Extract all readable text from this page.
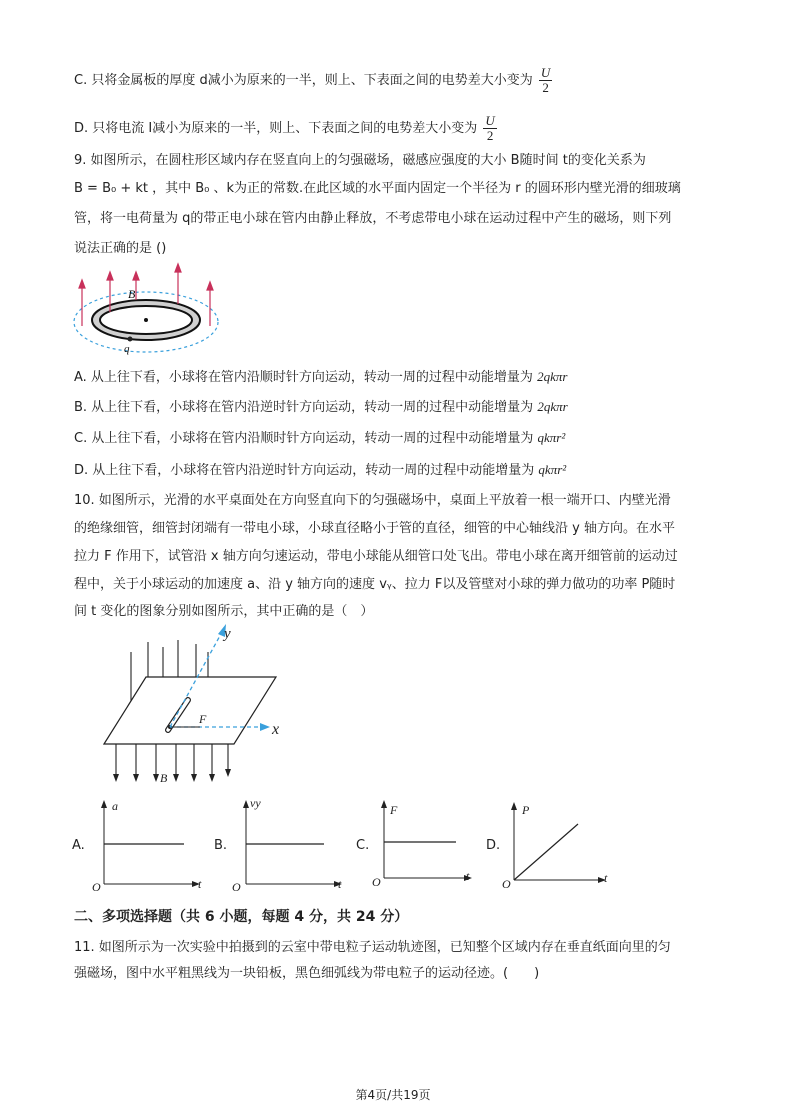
C. 只将金属板的厚度 d减小为原来的一半，则上、下表面之间的电势差大小变为 $\frac{U}{2}$
D. 只将电流 I减小为原来的一半，则上、下表面之间的电势差大小变为 $\frac{U}{2}$
9. 如图所示，在圆柱形区域内存在竖直向上的匀强磁场，磁感应强度的大小 B随时间 t的变化关系为
B = B₀ + kt ，其中 B₀ 、k为正的常数.在此区域的水平面内固定一个半径为 r 的圆环形内壁光滑的细玻璃
管，将一电荷量为 q的带正电小球在管内由静止释放，不考虑带电小球在运动过程中产生的磁场，则下列
说法正确的是 ()
B
q
A. 从上往下看，小球将在管内沿顺时针方向运动，转动一周的过程中动能增量为 2qkπr
B. 从上往下看，小球将在管内沿逆时针方向运动，转动一周的过程中动能增量为 2qkπr
C. 从上往下看，小球将在管内沿顺时针方向运动，转动一周的过程中动能增量为 qkπr²
D. 从上往下看，小球将在管内沿逆时针方向运动，转动一周的过程中动能增量为 qkπr²
10. 如图所示，光滑的水平桌面处在方向竖直向下的匀强磁场中，桌面上平放着一根一端开口、内壁光滑
的绝缘细管，细管封闭端有一带电小球，小球直径略小于管的直径，细管的中心轴线沿 y 轴方向。在水平
拉力 F 作用下，试管沿 x 轴方向匀速运动，带电小球能从细管口处飞出。带电小球在离开细管前的运动过
程中，关于小球运动的加速度 a、沿 y 轴方向的速度 vᵧ、拉力 F以及管壁对小球的弹力做功的功率 P随时
间 t 变化的图象分别如图所示，其中正确的是（　）
y
x
F
B
A.
a
O	t
B.
vy
O	t
C.
F
O	t
D.
P
O	t
二、多项选择题（共 6 小题，每题 4 分，共 24 分）
11. 如图所示为一次实验中拍摄到的云室中带电粒子运动轨迹图，已知整个区域内存在垂直纸面向里的匀
强磁场，图中水平粗黑线为一块铅板，黑色细弧线为带电粒子的运动径迹。(　　)
第4页/共19页
